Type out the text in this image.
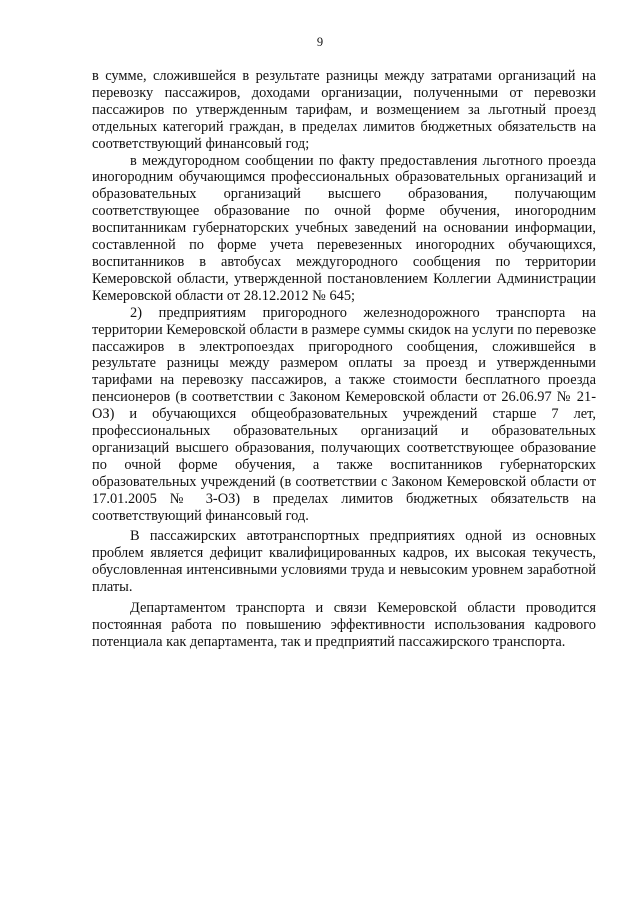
9

в сумме, сложившейся в результате разницы между затратами организаций на перевозку пассажиров, доходами организации, полученными от перевозки пассажиров по утвержденным тарифам, и возмещением за льготный проезд отдельных категорий граждан, в пределах лимитов бюджетных обязательств на соответствующий финансовый год;

в междугородном сообщении по факту предоставления льготного проезда иногородним обучающимся профессиональных образовательных организаций и образовательных организаций высшего образования, получающим соответствующее образование по очной форме обучения, иногородним воспитанникам губернаторских учебных заведений на основании информации, составленной по форме учета перевезенных иногородних обучающихся, воспитанников в автобусах междугородного сообщения по территории Кемеровской области, утвержденной постановлением Коллегии Администрации Кемеровской области от 28.12.2012 № 645;

2) предприятиям пригородного железнодорожного транспорта на территории Кемеровской области в размере суммы скидок на услуги по перевозке пассажиров в электропоездах пригородного сообщения, сложившейся в результате разницы между размером оплаты за проезд и утвержденными тарифами на перевозку пассажиров, а также стоимости бесплатного проезда пенсионеров (в соответствии с Законом Кемеровской области от 26.06.97 № 21-ОЗ) и обучающихся общеобразовательных учреждений старше 7 лет, профессиональных образовательных организаций и образовательных организаций высшего образования, получающих соответствующее образование по очной форме обучения, а также воспитанников губернаторских образовательных учреждений (в соответствии с Законом Кемеровской области от 17.01.2005 № 3-ОЗ) в пределах лимитов бюджетных обязательств на соответствующий финансовый год.

В пассажирских автотранспортных предприятиях одной из основных проблем является дефицит квалифицированных кадров, их высокая текучесть, обусловленная интенсивными условиями труда и невысоким уровнем заработной платы.

Департаментом транспорта и связи Кемеровской области проводится постоянная работа по повышению эффективности использования кадрового потенциала как департамента, так и предприятий пассажирского транспорта.
